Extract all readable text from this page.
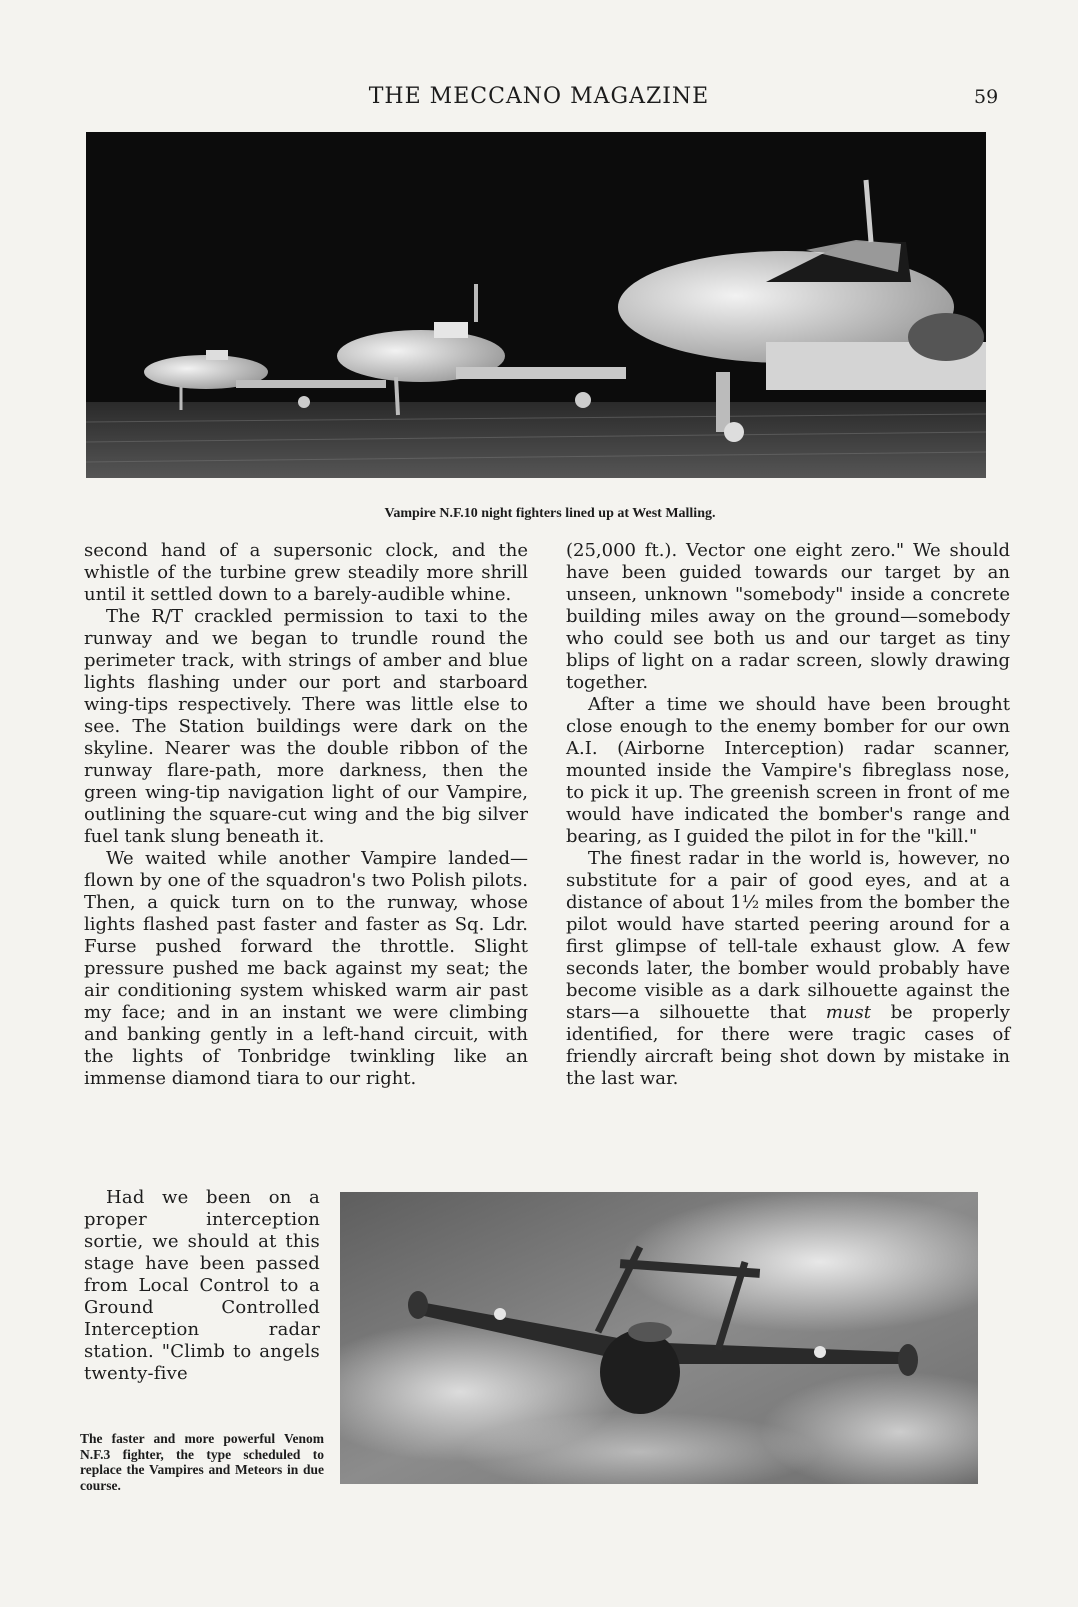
THE MECCANO MAGAZINE	59
Vampire N.F.10 night fighters lined up at West Malling.

second hand of a supersonic clock, and the whistle of the turbine grew steadily more shrill until it settled down to a barely-audible whine.

The R/T crackled permission to taxi to the runway and we began to trundle round the perimeter track, with strings of amber and blue lights flashing under our port and starboard wing-tips respectively. There was little else to see. The Station buildings were dark on the skyline. Nearer was the double ribbon of the runway flare-path, more darkness, then the green wing-tip navigation light of our Vampire, outlining the square-cut wing and the big silver fuel tank slung beneath it.

We waited while another Vampire landed—flown by one of the squadron's two Polish pilots. Then, a quick turn on to the runway, whose lights flashed past faster and faster as Sq. Ldr. Furse pushed forward the throttle. Slight pressure pushed me back against my seat; the air conditioning system whisked warm air past my face; and in an instant we were climbing and banking gently in a left-hand circuit, with the lights of Tonbridge twinkling like an immense diamond tiara to our right.

Had we been on a proper interception sortie, we should at this stage have been passed from Local Control to a Ground Controlled Interception radar station. "Climb to angels twenty-five

The faster and more powerful Venom N.F.3 fighter, the type scheduled to replace the Vampires and Meteors in due course.

(25,000 ft.). Vector one eight zero." We should have been guided towards our target by an unseen, unknown "somebody" inside a concrete building miles away on the ground—somebody who could see both us and our target as tiny blips of light on a radar screen, slowly drawing together.

After a time we should have been brought close enough to the enemy bomber for our own A.I. (Airborne Interception) radar scanner, mounted inside the Vampire's fibreglass nose, to pick it up. The greenish screen in front of me would have indicated the bomber's range and bearing, as I guided the pilot in for the "kill."

The finest radar in the world is, however, no substitute for a pair of good eyes, and at a distance of about 1½ miles from the bomber the pilot would have started peering around for a first glimpse of tell-tale exhaust glow. A few seconds later, the bomber would probably have become visible as a dark silhouette against the stars—a silhouette that must be properly identified, for there were tragic cases of friendly aircraft being shot down by mistake in the last war.
